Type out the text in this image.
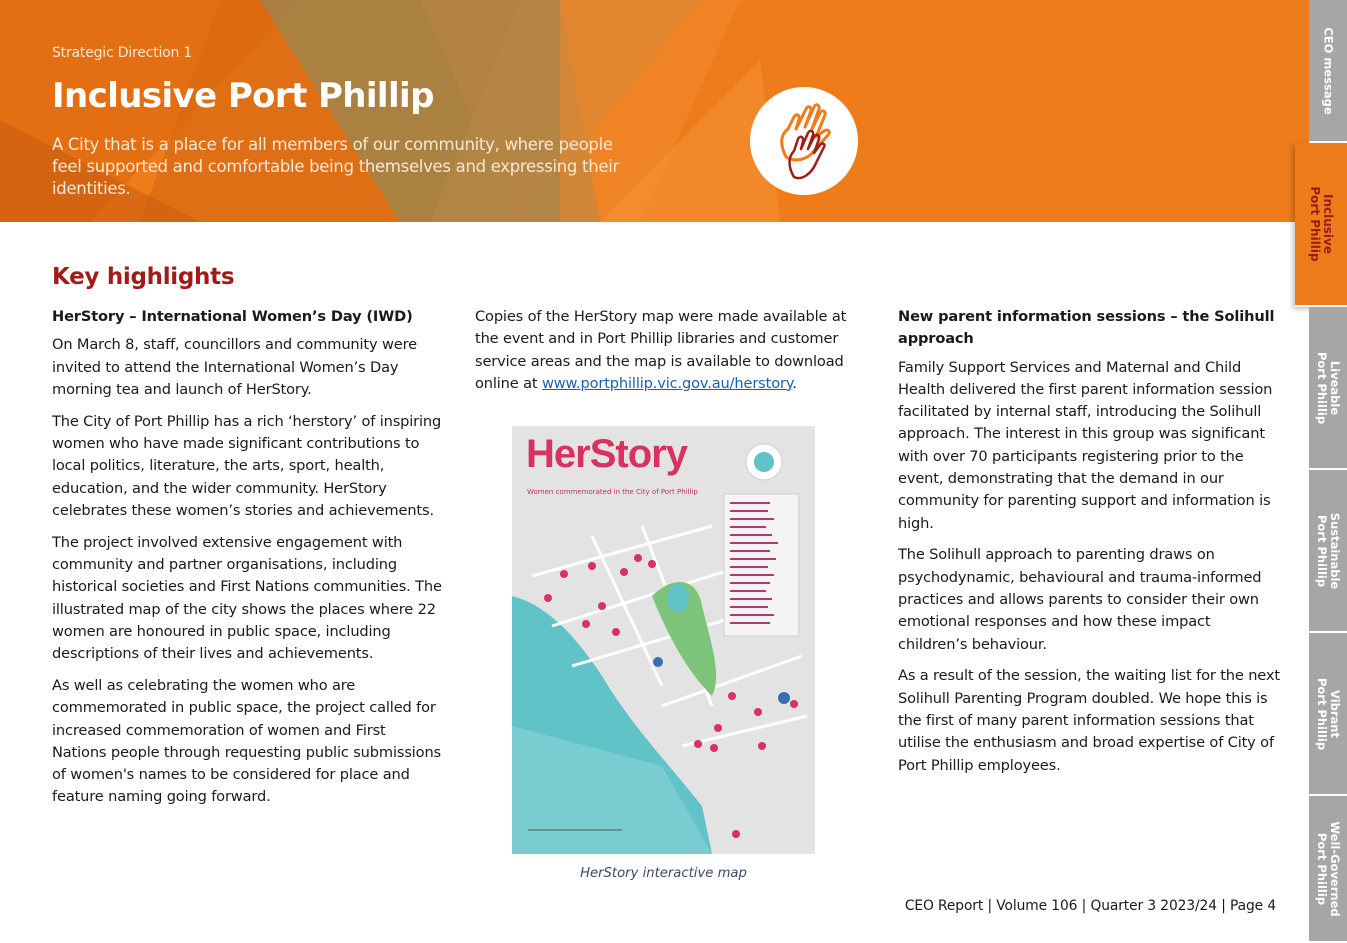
Strategic Direction 1
Inclusive Port Phillip
A City that is a place for all members of our community, where people feel supported and comfortable being themselves and expressing their identities.
CEO message
Inclusive
Port Phillip
Liveable
Port Phillip
Sustainable
Port Phillip
Vibrant
Port Phillip
Well-Governed
Port Phillip
Key highlights
HerStory – International Women’s Day (IWD)

On March 8, staff, councillors and community were invited to attend the International Women’s Day morning tea and launch of HerStory.

The City of Port Phillip has a rich ‘herstory’ of inspiring women who have made significant contributions to local politics, literature, the arts, sport, health, education, and the wider community. HerStory celebrates these women’s stories and achievements.

The project involved extensive engagement with community and partner organisations, including historical societies and First Nations communities. The illustrated map of the city shows the places where 22 women are honoured in public space, including descriptions of their lives and achievements.

As well as celebrating the women who are commemorated in public space, the project called for increased commemoration of women and First Nations people through requesting public submissions of women's names to be considered for place and feature naming going forward.

Copies of the HerStory map were made available at the event and in Port Phillip libraries and customer service areas and the map is available to download online at www.portphillip.vic.gov.au/herstory.

HerStory
Women commemorated in the City of Port Phillip
HerStory interactive map
New parent information sessions – the Solihull approach

Family Support Services and Maternal and Child Health delivered the first parent information session facilitated by internal staff, introducing the Solihull approach. The interest in this group was significant with over 70 participants registering prior to the event, demonstrating that the demand in our community for parenting support and information is high.

The Solihull approach to parenting draws on psychodynamic, behavioural and trauma-informed practices and allows parents to consider their own emotional responses and how these impact children’s behaviour.

As a result of the session, the waiting list for the next Solihull Parenting Program doubled. We hope this is the first of many parent information sessions that utilise the enthusiasm and broad expertise of City of Port Phillip employees.

CEO Report | Volume 106 | Quarter 3 2023/24 | Page 4
